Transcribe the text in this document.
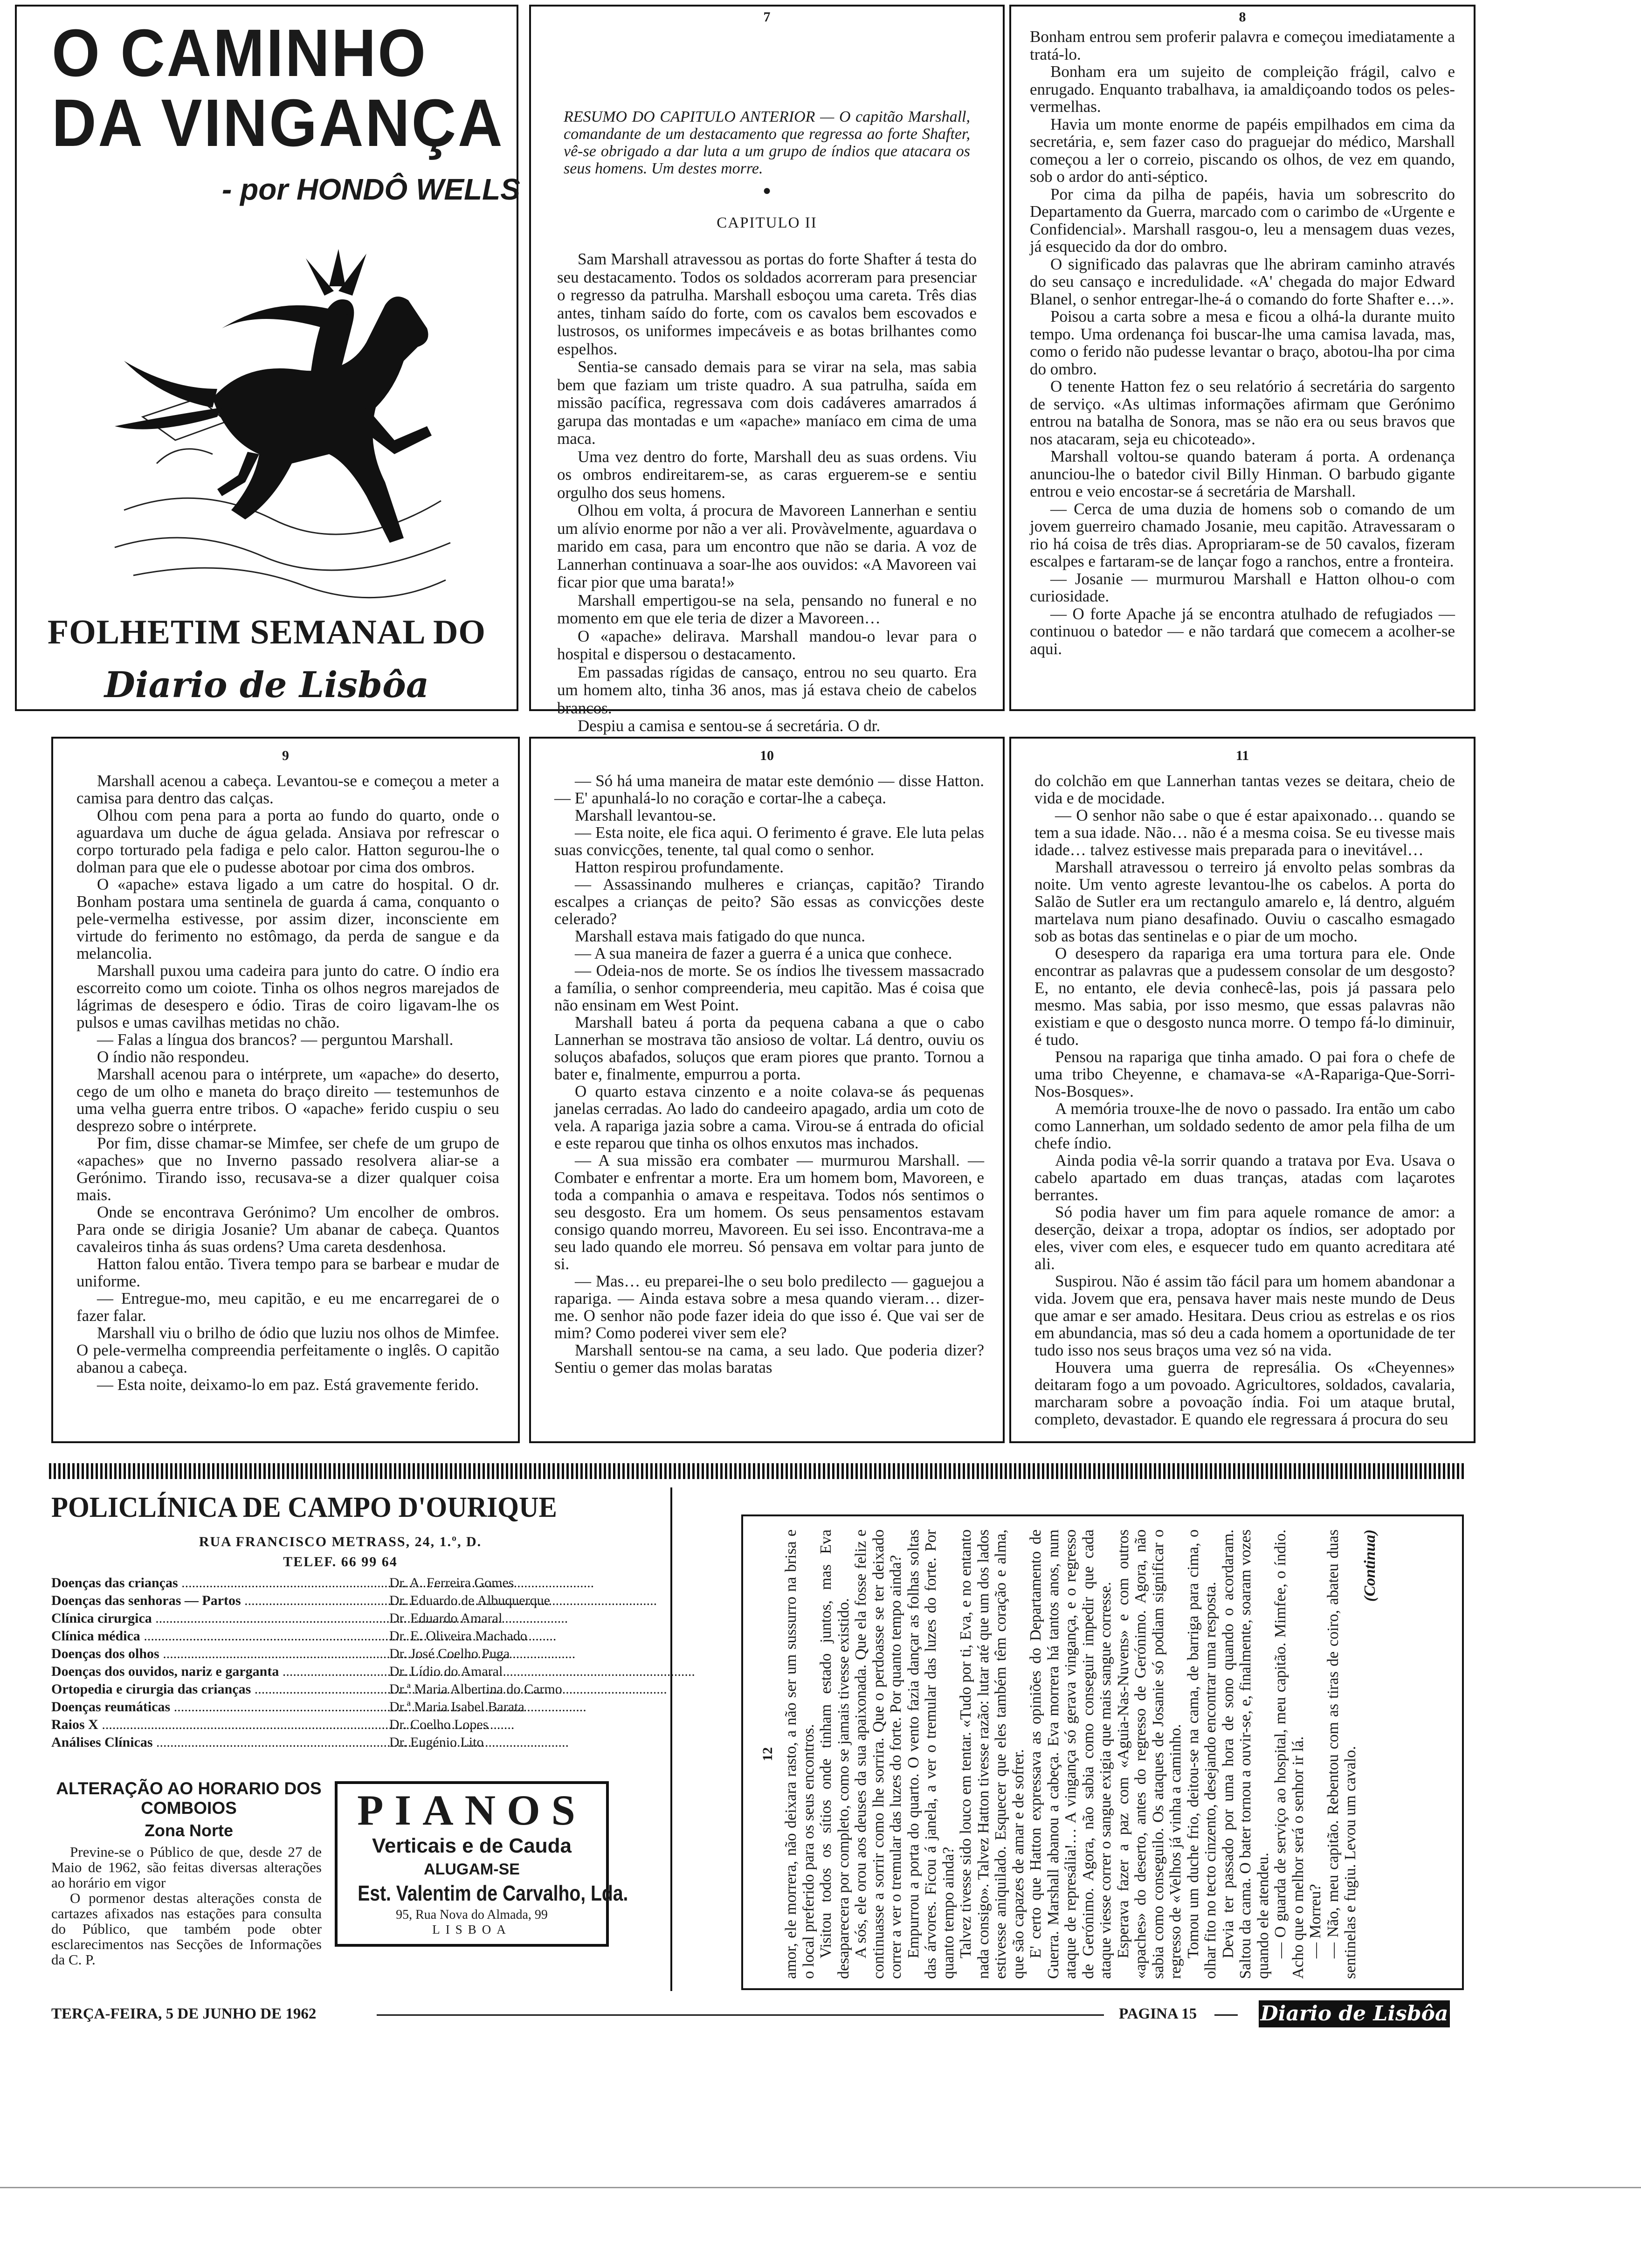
O CAMINHO
DA VINGANÇA
- por HONDÔ WELLS
FOLHETIM SEMANAL DO
Diario de Lisbôa
7
RESUMO DO CAPITULO ANTERIOR — O capitão Marshall, comandante de um destacamento que regressa ao forte Shafter, vê-se obrigado a dar luta a um grupo de índios que atacara os seus homens. Um destes morre.
●
CAPITULO II

Sam Marshall atravessou as portas do forte Shafter á testa do seu destacamento. Todos os soldados acorreram para presenciar o regresso da patrulha. Marshall esboçou uma careta. Três dias antes, tinham saído do forte, com os cavalos bem escovados e lustrosos, os uniformes impecáveis e as botas brilhantes como espelhos.

Sentia-se cansado demais para se virar na sela, mas sabia bem que faziam um triste quadro. A sua patrulha, saída em missão pacífica, regressava com dois cadáveres amarrados á garupa das montadas e um «apache» maníaco em cima de uma maca.

Uma vez dentro do forte, Marshall deu as suas ordens. Viu os ombros endireitarem-se, as caras erguerem-se e sentiu orgulho dos seus homens.

Olhou em volta, á procura de Mavoreen Lannerhan e sentiu um alívio enorme por não a ver ali. Provàvelmente, aguardava o marido em casa, para um encontro que não se daria. A voz de Lannerhan continuava a soar-lhe aos ouvidos: «A Mavoreen vai ficar pior que uma barata!»

Marshall empertigou-se na sela, pensando no funeral e no momento em que ele teria de dizer a Mavoreen…

O «apache» delirava. Marshall mandou-o levar para o hospital e dispersou o destacamento.

Em passadas rígidas de cansaço, entrou no seu quarto. Era um homem alto, tinha 36 anos, mas já estava cheio de cabelos brancos.

Despiu a camisa e sentou-se á secretária. O dr.

8

Bonham entrou sem proferir palavra e começou imediatamente a tratá-lo.

Bonham era um sujeito de compleição frágil, calvo e enrugado. Enquanto trabalhava, ia amaldiçoando todos os peles-vermelhas.

Havia um monte enorme de papéis empilhados em cima da secretária, e, sem fazer caso do praguejar do médico, Marshall começou a ler o correio, piscando os olhos, de vez em quando, sob o ardor do anti-séptico.

Por cima da pilha de papéis, havia um sobrescrito do Departamento da Guerra, marcado com o carimbo de «Urgente e Confidencial». Marshall rasgou-o, leu a mensagem duas vezes, já esquecido da dor do ombro.

O significado das palavras que lhe abriram caminho através do seu cansaço e incredulidade. «A' chegada do major Edward Blanel, o senhor entregar-lhe-á o comando do forte Shafter e…».

Poisou a carta sobre a mesa e ficou a olhá-la durante muito tempo. Uma ordenança foi buscar-lhe uma camisa lavada, mas, como o ferido não pudesse levantar o braço, abotou-lha por cima do ombro.

O tenente Hatton fez o seu relatório á secretária do sargento de serviço. «As ultimas informações afirmam que Gerónimo entrou na batalha de Sonora, mas se não era ou seus bravos que nos atacaram, seja eu chicoteado».

Marshall voltou-se quando bateram á porta. A ordenança anunciou-lhe o batedor civil Billy Hinman. O barbudo gigante entrou e veio encostar-se á secretária de Marshall.

— Cerca de uma duzia de homens sob o comando de um jovem guerreiro chamado Josanie, meu capitão. Atravessaram o rio há coisa de três dias. Apropriaram-se de 50 cavalos, fizeram escalpes e fartaram-se de lançar fogo a ranchos, entre a fronteira.

— Josanie — murmurou Marshall e Hatton olhou-o com curiosidade.

— O forte Apache já se encontra atulhado de refugiados — continuou o batedor — e não tardará que comecem a acolher-se aqui.

9

Marshall acenou a cabeça. Levantou-se e começou a meter a camisa para dentro das calças.

Olhou com pena para a porta ao fundo do quarto, onde o aguardava um duche de água gelada. Ansiava por refrescar o corpo torturado pela fadiga e pelo calor. Hatton segurou-lhe o dolman para que ele o pudesse abotoar por cima dos ombros.

O «apache» estava ligado a um catre do hospital. O dr. Bonham postara uma sentinela de guarda á cama, conquanto o pele-vermelha estivesse, por assim dizer, inconsciente em virtude do ferimento no estômago, da perda de sangue e da melancolia.

Marshall puxou uma cadeira para junto do catre. O índio era escorreito como um coiote. Tinha os olhos negros marejados de lágrimas de desespero e ódio. Tiras de coiro ligavam-lhe os pulsos e umas cavilhas metidas no chão.

— Falas a língua dos brancos? — perguntou Marshall.

O índio não respondeu.

Marshall acenou para o intérprete, um «apache» do deserto, cego de um olho e maneta do braço direito — testemunhos de uma velha guerra entre tribos. O «apache» ferido cuspiu o seu desprezo sobre o intérprete.

Por fim, disse chamar-se Mimfee, ser chefe de um grupo de «apaches» que no Inverno passado resolvera aliar-se a Gerónimo. Tirando isso, recusava-se a dizer qualquer coisa mais.

Onde se encontrava Gerónimo? Um encolher de ombros. Para onde se dirigia Josanie? Um abanar de cabeça. Quantos cavaleiros tinha ás suas ordens? Uma careta desdenhosa.

Hatton falou então. Tivera tempo para se barbear e mudar de uniforme.

— Entregue-mo, meu capitão, e eu me encarregarei de o fazer falar.

Marshall viu o brilho de ódio que luziu nos olhos de Mimfee. O pele-vermelha compreendia perfeitamente o inglês. O capitão abanou a cabeça.

— Esta noite, deixamo-lo em paz. Está gravemente ferido.

10

— Só há uma maneira de matar este demónio — disse Hatton. — E' apunhalá-lo no coração e cortar-lhe a cabeça.

Marshall levantou-se.

— Esta noite, ele fica aqui. O ferimento é grave. Ele luta pelas suas convicções, tenente, tal qual como o senhor.

Hatton respirou profundamente.

— Assassinando mulheres e crianças, capitão? Tirando escalpes a crianças de peito? São essas as convicções deste celerado?

Marshall estava mais fatigado do que nunca.

— A sua maneira de fazer a guerra é a unica que conhece.

— Odeia-nos de morte. Se os índios lhe tivessem massacrado a família, o senhor compreenderia, meu capitão. Mas é coisa que não ensinam em West Point.

Marshall bateu á porta da pequena cabana a que o cabo Lannerhan se mostrava tão ansioso de voltar. Lá dentro, ouviu os soluços abafados, soluços que eram piores que pranto. Tornou a bater e, finalmente, empurrou a porta.

O quarto estava cinzento e a noite colava-se ás pequenas janelas cerradas. Ao lado do candeeiro apagado, ardia um coto de vela. A rapariga jazia sobre a cama. Virou-se á entrada do oficial e este reparou que tinha os olhos enxutos mas inchados.

— A sua missão era combater — murmurou Marshall. — Combater e enfrentar a morte. Era um homem bom, Mavoreen, e toda a companhia o amava e respeitava. Todos nós sentimos o seu desgosto. Era um homem. Os seus pensamentos estavam consigo quando morreu, Mavoreen. Eu sei isso. Encontrava-me a seu lado quando ele morreu. Só pensava em voltar para junto de si.

— Mas… eu preparei-lhe o seu bolo predilecto — gaguejou a rapariga. — Ainda estava sobre a mesa quando vieram… dizer-me. O senhor não pode fazer ideia do que isso é. Que vai ser de mim? Como poderei viver sem ele?

Marshall sentou-se na cama, a seu lado. Que poderia dizer? Sentiu o gemer das molas baratas

11

do colchão em que Lannerhan tantas vezes se deitara, cheio de vida e de mocidade.

— O senhor não sabe o que é estar apaixonado… quando se tem a sua idade. Não… não é a mesma coisa. Se eu tivesse mais idade… talvez estivesse mais preparada para o inevitável…

Marshall atravessou o terreiro já envolto pelas sombras da noite. Um vento agreste levantou-lhe os cabelos. A porta do Salão de Sutler era um rectangulo amarelo e, lá dentro, alguém martelava num piano desafinado. Ouviu o cascalho esmagado sob as botas das sentinelas e o piar de um mocho.

O desespero da rapariga era uma tortura para ele. Onde encontrar as palavras que a pudessem consolar de um desgosto? E, no entanto, ele devia conhecê-las, pois já passara pelo mesmo. Mas sabia, por isso mesmo, que essas palavras não existiam e que o desgosto nunca morre. O tempo fá-lo diminuir, é tudo.

Pensou na rapariga que tinha amado. O pai fora o chefe de uma tribo Cheyenne, e chamava-se «A-Rapariga-Que-Sorri-Nos-Bosques».

A memória trouxe-lhe de novo o passado. Ira então um cabo como Lannerhan, um soldado sedento de amor pela filha de um chefe índio.

Ainda podia vê-la sorrir quando a tratava por Eva. Usava o cabelo apartado em duas tranças, atadas com laçarotes berrantes.

Só podia haver um fim para aquele romance de amor: a deserção, deixar a tropa, adoptar os índios, ser adoptado por eles, viver com eles, e esquecer tudo em quanto acreditara até ali.

Suspirou. Não é assim tão fácil para um homem abandonar a vida. Jovem que era, pensava haver mais neste mundo de Deus que amar e ser amado. Hesitara. Deus criou as estrelas e os rios em abundancia, mas só deu a cada homem a oportunidade de ter tudo isso nos seus braços uma vez só na vida.

Houvera uma guerra de represália. Os «Cheyennes» deitaram fogo a um povoado. Agricultores, soldados, cavalaria, marcharam sobre a povoação índia. Foi um ataque brutal, completo, devastador. E quando ele regressara á procura do seu

POLICLÍNICA DE CAMPO D'OURIQUE
RUA FRANCISCO METRASS, 24, 1.º, D.
TELEF. 66 99 64
Doenças das crianças .....	Dr. A. Ferreira Gomes
Doenças das senhoras — Partos .....	Dr. Eduardo de Albuquerque
Clínica cirurgica .....	Dr. Eduardo Amaral
Clínica médica .....	Dr. E. Oliveira Machado
Doenças dos olhos .....	Dr. José Coelho Puga
Doenças dos ouvidos, nariz e garganta .....	Dr. Lídio do Amaral
Ortopedia e cirurgia das crianças .....	Dr.ª Maria Albertina do Carmo
Doenças reumáticas .....	Dr.ª Maria Isabel Barata
Raios X .....	Dr. Coelho Lopes
Análises Clínicas .....	Dr. Eugénio Lito
ALTERAÇÃO AO HORARIO DOS COMBOIOS
Zona Norte

Previne-se o Público de que, desde 27 de Maio de 1962, são feitas diversas alterações ao horário em vigor

O pormenor destas alterações consta de cartazes afixados nas estações para consulta do Público, que também pode obter esclarecimentos nas Secções de Informações da C. P.

PIANOS
Verticais e de Cauda
ALUGAM-SE
Est. Valentim de Carvalho, Lda.
95, Rua Nova do Almada, 99
LISBOA
12 amor, ele morrera, não deixara rasto, a não ser um sussurro na brisa e o local preferido para os seus encontros. Visitou todos os sítios onde tinham estado juntos, mas Eva desaparecera por completo, como se jamais tivesse existido. A sós, ele orou aos deuses da sua apaixonada. Que ela fosse feliz e continuasse a sorrir como lhe sorrira. Que o perdoasse se ter deixado correr a ver o tremular das luzes do forte. Por quanto tempo ainda? Empurrou a porta do quarto. O vento fazia dançar as folhas soltas das árvores. Ficou á janela, a ver o tremular das luzes do forte. Por quanto tempo ainda? Talvez tivesse sido louco em tentar. «Tudo por ti, Eva, e no entanto nada consigo». Talvez Hatton tivesse razão: lutar até que um dos lados estivesse aniquilado. Esquecer que eles também têm coração e alma, que são capazes de amar e de sofrer. E' certo que Hatton expressava as opiniões do Departamento de Guerra. Marshall abanou a cabeça. Eva morrera há tantos anos, num ataque de represália!… A vingança só gerava vingança, e o regresso de Gerónimo. Agora, não sabia como conseguir impedir que cada ataque viesse correr o sangue exigia que mais sangue corresse. Esperava fazer a paz com «Aguia-Nas-Nuvens» e com outros «apaches» do deserto, antes do regresso de Gerónimo. Agora, não sabia como conseguilo. Os ataques de Josanie só podiam significar o regresso de «Velhos já vinha a caminho. Tomou um duche frio, deitou-se na cama, de barriga para cima, o olhar fito no tecto cinzento, desejando encontrar uma resposta. Devia ter passado por uma hora de sono quando o acordaram. Saltou da cama. O bater tornou a ouvir-se, e, finalmente, soaram vozes quando ele atendeu. — O guarda de serviço ao hospital, meu capitão. Mimfee, o índio. Acho que o melhor será o senhor ir lá. — Morreu? — Não, meu capitão. Rebentou com as tiras de coiro, abateu duas sentinelas e fugiu. Levou um cavalo.

(Continua)
TERÇA-FEIRA, 5 DE JUNHO DE 1962	PAGINA 15	Diario de Lisbôa
